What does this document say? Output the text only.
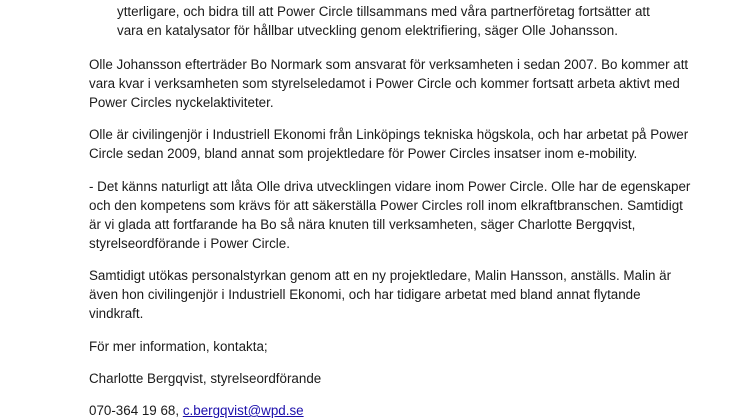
ytterligare, och bidra till att Power Circle tillsammans med våra partnerföretag fortsätter att
vara en katalysator för hållbar utveckling genom elektrifiering, säger Olle Johansson.
Olle Johansson efterträder Bo Normark som ansvarat för verksamheten i sedan 2007. Bo kommer att
vara kvar i verksamheten som styrelseledamot i Power Circle och kommer fortsatt arbeta aktivt med
Power Circles nyckelaktiviteter.
Olle är civilingenjör i Industriell Ekonomi från Linköpings tekniska högskola, och har arbetat på Power
Circle sedan 2009, bland annat som projektledare för Power Circles insatser inom e-mobility.
- Det känns naturligt att låta Olle driva utvecklingen vidare inom Power Circle. Olle har de egenskaper
och den kompetens som krävs för att säkerställa Power Circles roll inom elkraftbranschen. Samtidigt
är vi glada att fortfarande ha Bo så nära knuten till verksamheten, säger Charlotte Bergqvist,
styrelseordförande i Power Circle.
Samtidigt utökas personalstyrkan genom att en ny projektledare, Malin Hansson, anställs. Malin är
även hon civilingenjör i Industriell Ekonomi, och har tidigare arbetat med bland annat flytande
vindkraft.
För mer information, kontakta;
Charlotte Bergqvist, styrelseordförande
070-364 19 68, c.bergqvist@wpd.se
